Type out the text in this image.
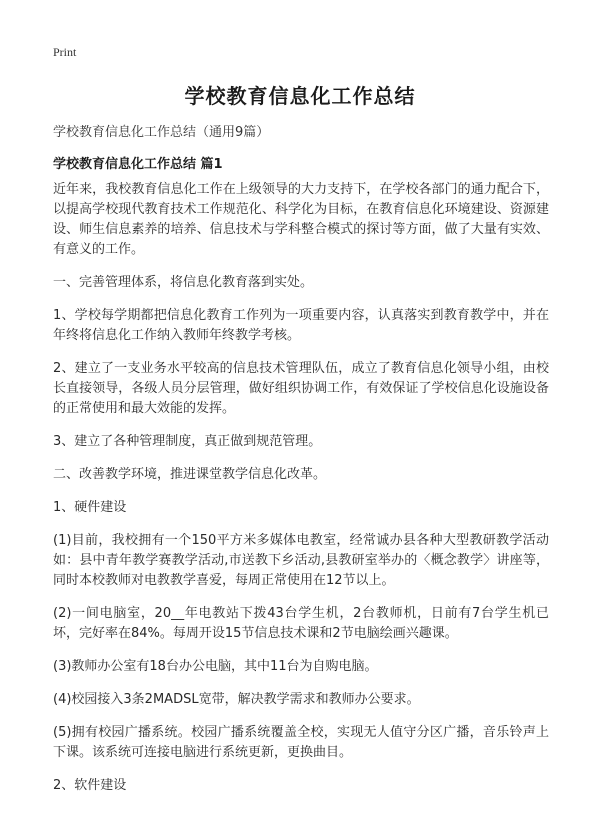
Print
学校教育信息化工作总结
学校教育信息化工作总结（通用9篇）
学校教育信息化工作总结 篇1

近年来，我校教育信息化工作在上级领导的大力支持下，在学校各部门的通力配合下，以提高学校现代教育技术工作规范化、科学化为目标，在教育信息化环境建设、资源建设、师生信息素养的培养、信息技术与学科整合模式的探讨等方面，做了大量有实效、有意义的工作。

一、完善管理体系，将信息化教育落到实处。

1、学校每学期都把信息化教育工作列为一项重要内容，认真落实到教育教学中，并在年终将信息化工作纳入教师年终教学考核。

2、建立了一支业务水平较高的信息技术管理队伍，成立了教育信息化领导小组，由校长直接领导，各级人员分层管理，做好组织协调工作，有效保证了学校信息化设施设备的正常使用和最大效能的发挥。

3、建立了各种管理制度，真正做到规范管理。

二、改善教学环境，推进课堂教学信息化改革。

1、硬件建设

(1)目前，我校拥有一个150平方米多媒体电教室，经常诚办县各种大型教研教学活动如：县中青年教学赛教学活动,市送教下乡活动,县教研室举办的〈概念教学〉讲座等，同时本校教师对电教教学喜爱，每周正常使用在12节以上。

(2)一间电脑室，20__年电教站下拨43台学生机，2台教师机，日前有7台学生机已坏，完好率在84%。每周开设15节信息技术课和2节电脑绘画兴趣课。

(3)教师办公室有18台办公电脑，其中11台为自购电脑。

(4)校园接入3条2MADSL宽带，解决教学需求和教师办公要求。

(5)拥有校园广播系统。校园广播系统覆盖全校，实现无人值守分区广播，音乐铃声上下课。该系统可连接电脑进行系统更新，更换曲目。

2、软件建设
